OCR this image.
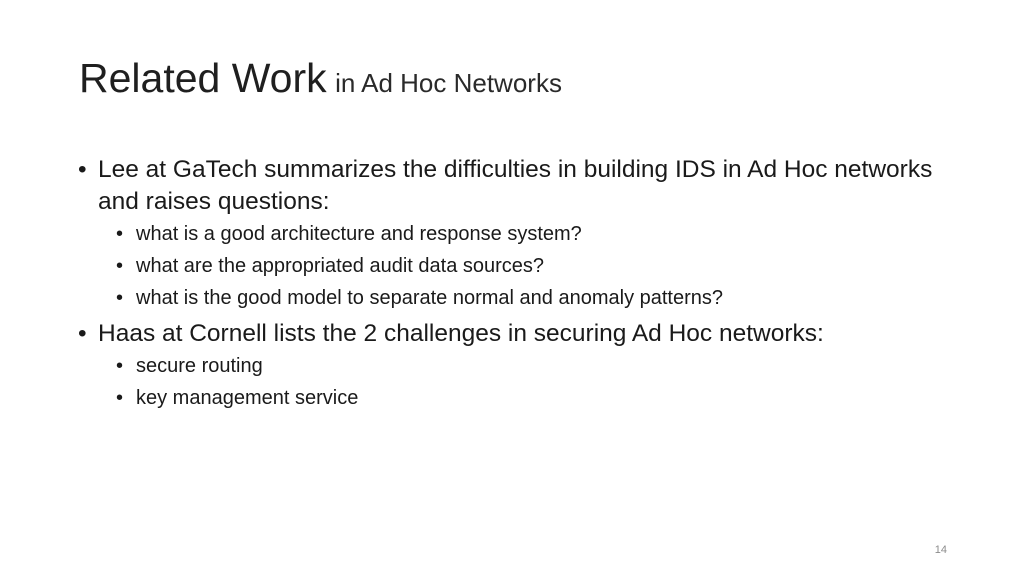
Related Work in Ad Hoc Networks
• Lee at GaTech summarizes the difficulties in building IDS in Ad Hoc networks and raises questions:
• what is a good architecture and response system?
• what are the appropriated audit data sources?
• what is the good model to separate normal and anomaly patterns?
• Haas at Cornell lists the 2 challenges in securing Ad Hoc networks:
• secure routing
• key management service
14
